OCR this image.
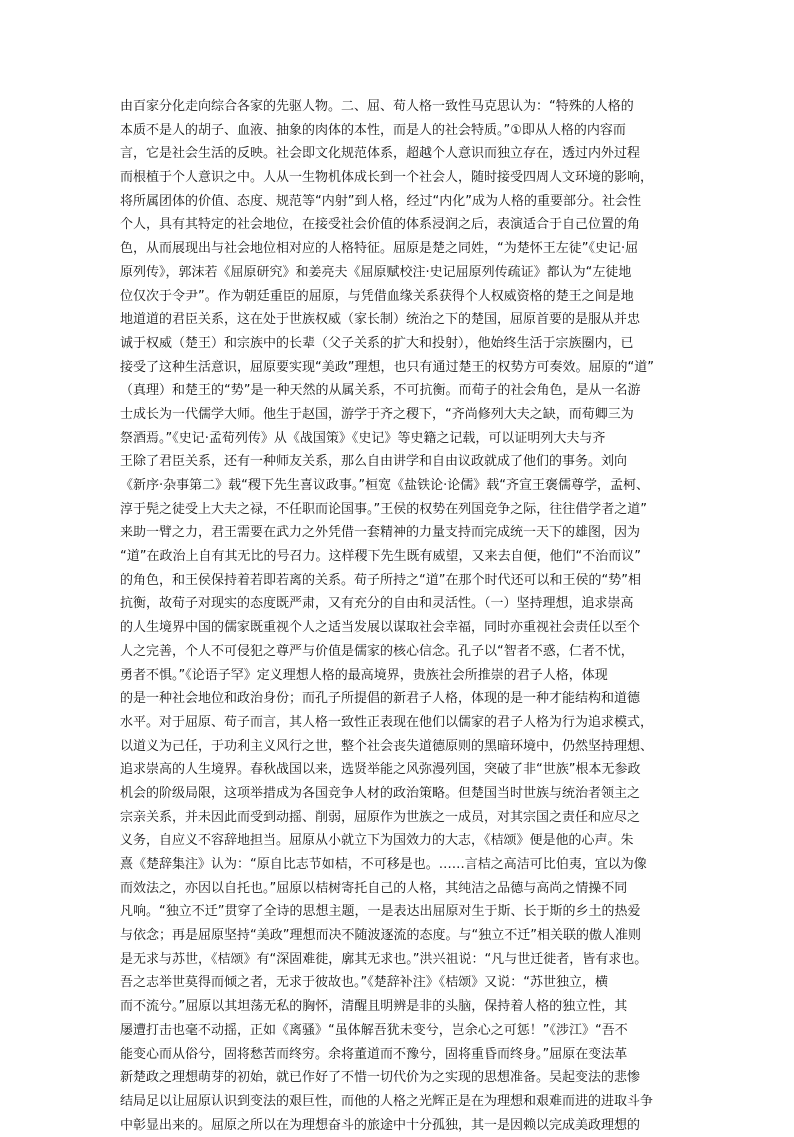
由百家分化走向综合各家的先驱人物。二、屈、荀人格一致性马克思认为：“特殊的人格的
本质不是人的胡子、血液、抽象的肉体的本性，而是人的社会特质。”①即从人格的内容而
言，它是社会生活的反映。社会即文化规范体系，超越个人意识而独立存在，透过内外过程
而根植于个人意识之中。人从一生物机体成长到一个社会人，随时接受四周人文环境的影响，
将所属团体的价值、态度、规范等“内射”到人格，经过“内化”成为人格的重要部分。社会性
个人，具有其特定的社会地位，在接受社会价值的体系浸润之后，表演适合于自己位置的角
色，从而展现出与社会地位相对应的人格特征。屈原是楚之同姓，“为楚怀王左徒”《史记·屈
原列传》，郭沫若《屈原研究》和姜亮夫《屈原赋校注·史记屈原列传疏证》都认为“左徒地
位仅次于令尹”。作为朝廷重臣的屈原，与凭借血缘关系获得个人权威资格的楚王之间是地
地道道的君臣关系，这在处于世族权威（家长制）统治之下的楚国，屈原首要的是服从并忠
诚于权威（楚王）和宗族中的长辈（父子关系的扩大和投射），他始终生活于宗族圈内，已
接受了这种生活意识，屈原要实现“美政”理想，也只有通过楚王的权势方可奏效。屈原的“道”
（真理）和楚王的“势”是一种天然的从属关系，不可抗衡。而荀子的社会角色，是从一名游
士成长为一代儒学大师。他生于赵国，游学于齐之稷下，“齐尚修列大夫之缺，而荀卿三为
祭酒焉。”《史记·孟荀列传》从《战国策》《史记》等史籍之记载，可以证明列大夫与齐
王除了君臣关系，还有一种师友关系，那么自由讲学和自由议政就成了他们的事务。刘向
《新序·杂事第二》载“稷下先生喜议政事。”桓宽《盐铁论·论儒》载“齐宣王褒儒尊学，孟柯、
淳于髡之徒受上大夫之禄，不任职而论国事。”王侯的权势在列国竞争之际，往往借学者之道”
来助一臂之力，君王需要在武力之外凭借一套精神的力量支持而完成统一天下的雄图，因为
“道”在政治上自有其无比的号召力。这样稷下先生既有威望，又来去自便，他们“不治而议”
的角色，和王侯保持着若即若离的关系。荀子所持之“道”在那个时代还可以和王侯的“势”相
抗衡，故荀子对现实的态度既严肃，又有充分的自由和灵活性。（一）坚持理想，追求崇高
的人生境界中国的儒家既重视个人之适当发展以谋取社会幸福，同时亦重视社会责任以至个
人之完善，个人不可侵犯之尊严与价值是儒家的核心信念。孔子以“智者不惑，仁者不忧，
勇者不惧。”《论语子罕》定义理想人格的最高境界，贵族社会所推崇的君子人格，体现
的是一种社会地位和政治身份；而孔子所提倡的新君子人格，体现的是一种才能结构和道德
水平。对于屈原、荀子而言，其人格一致性正表现在他们以儒家的君子人格为行为追求模式，
以道义为己任，于功利主义风行之世，整个社会丧失道德原则的黑暗环境中，仍然坚持理想、
追求崇高的人生境界。春秋战国以来，选贤举能之风弥漫列国，突破了非“世族”根本无参政
机会的阶级局限，这项举措成为各国竞争人材的政治策略。但楚国当时世族与统治者领主之
宗亲关系，并未因此而受到动摇、削弱，屈原作为世族之一成员，对其宗国之责任和应尽之
义务，自应义不容辞地担当。屈原从小就立下为国效力的大志，《桔颂》便是他的心声。朱
熹《楚辞集注》认为：“原自比志节如桔，不可移是也。……言桔之高洁可比伯夷，宜以为像
而效法之，亦因以自托也。”屈原以桔树寄托自己的人格，其纯洁之品德与高尚之情操不同
凡响。“独立不迁”贯穿了全诗的思想主题，一是表达出屈原对生于斯、长于斯的乡土的热爱
与依念；再是屈原坚持“美政”理想而决不随波逐流的态度。与“独立不迁”相关联的傲人准则
是无求与苏世，《桔颂》有“深固难徙，廓其无求也。”洪兴祖说：“凡与世迁徙者，皆有求也。
吾之志举世莫得而倾之者，无求于彼故也。”《楚辞补注》《桔颂》又说：“苏世独立，横
而不流兮。”屈原以其坦荡无私的胸怀，清醒且明辨是非的头脑，保持着人格的独立性，其
屡遭打击也毫不动摇，正如《离骚》“虽体解吾犹未变兮，岂余心之可惩！”《涉江》“吾不
能变心而从俗兮，固将愁苦而终穷。余将董道而不豫兮，固将重昏而终身。”屈原在变法革
新楚政之理想萌芽的初始，就已作好了不惜一切代价为之实现的思想准备。吴起变法的悲惨
结局足以让屈原认识到变法的艰巨性，而他的人格之光辉正是在为理想和艰难而进的进取斗争
中彰显出来的。屈原之所以在为理想奋斗的旅途中十分孤独，其一是因赖以完成美政理想的
